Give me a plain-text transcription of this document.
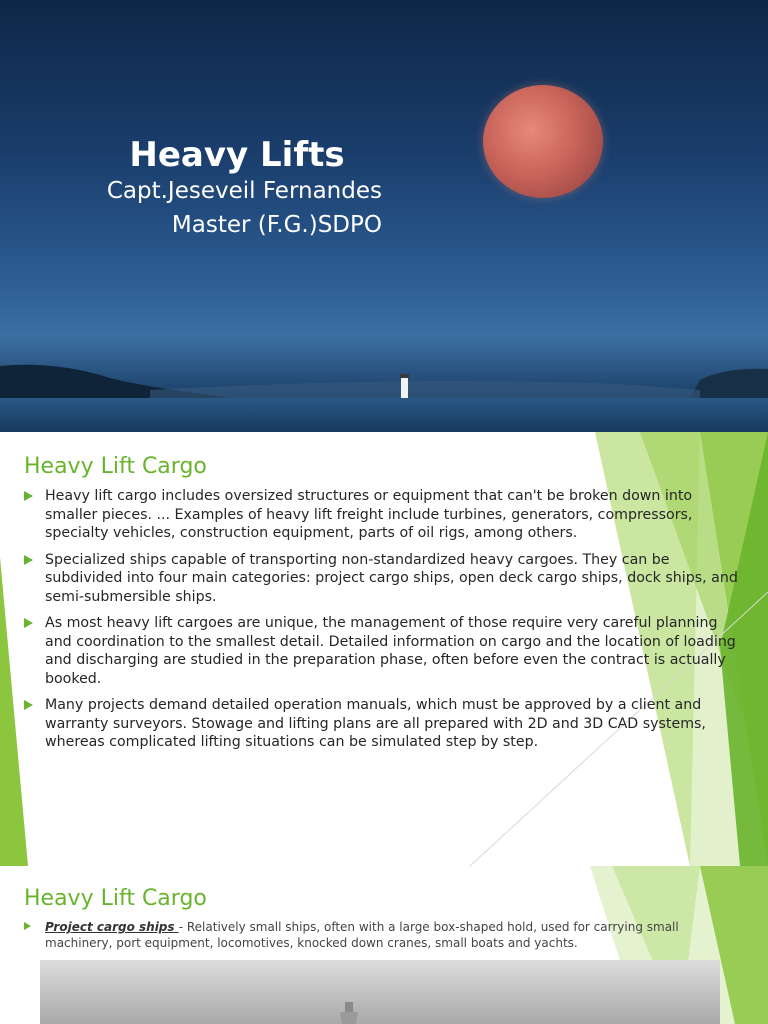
Heavy Lifts
Capt.Jeseveil Fernandes
Master (F.G.)SDPO
Heavy Lift Cargo
Heavy lift cargo includes oversized structures or equipment that can't be broken down into smaller pieces. ... Examples of heavy lift freight include turbines, generators, compressors, specialty vehicles, construction equipment, parts of oil rigs, among others.
Specialized ships capable of transporting non-standardized heavy cargoes. They can be subdivided into four main categories: project cargo ships, open deck cargo ships, dock ships, and semi-submersible ships.
As most heavy lift cargoes are unique, the management of those require very careful planning and coordination to the smallest detail. Detailed information on cargo and the location of loading and discharging are studied in the preparation phase, often before even the contract is actually booked.
Many projects demand detailed operation manuals, which must be approved by a client and warranty surveyors. Stowage and lifting plans are all prepared with 2D and 3D CAD systems, whereas complicated lifting situations can be simulated step by step.
Heavy Lift Cargo
Project cargo ships - Relatively small ships, often with a large box-shaped hold, used for carrying small machinery, port equipment, locomotives, knocked down cranes, small boats and yachts.
